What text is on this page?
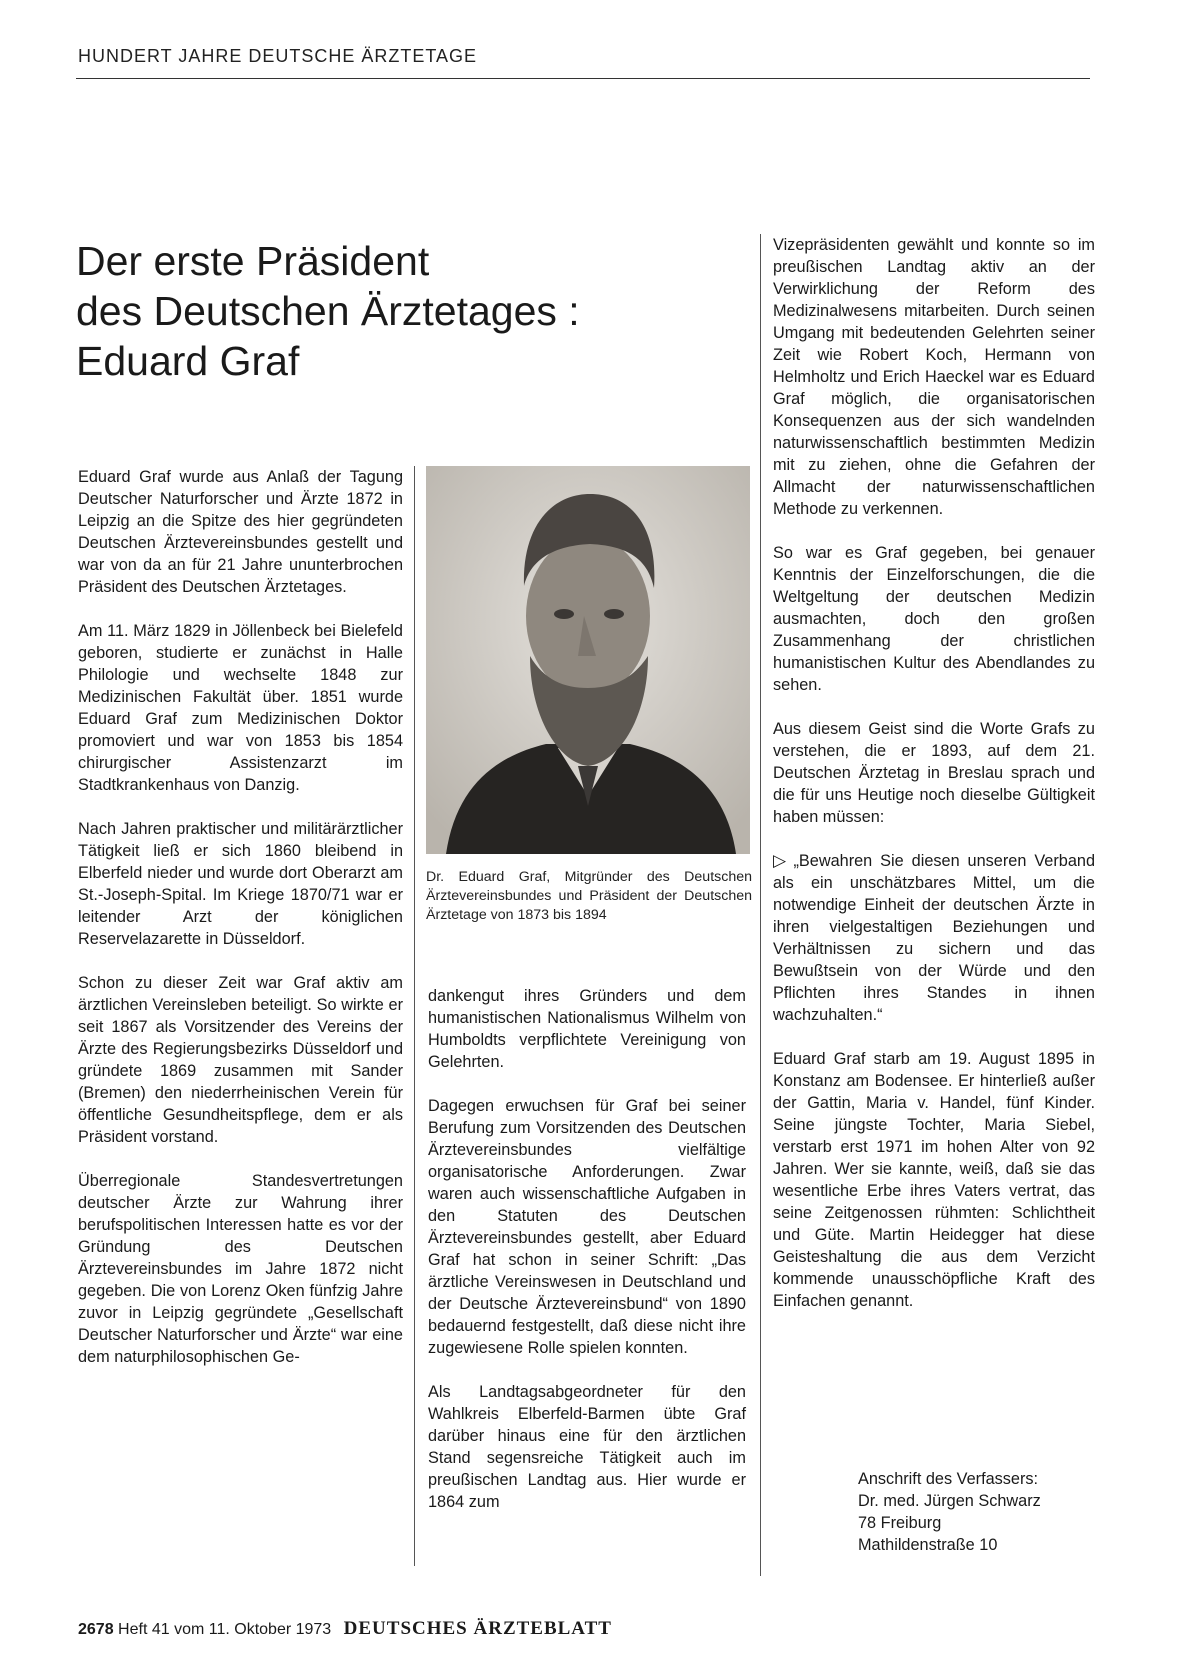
HUNDERT JAHRE DEUTSCHE ÄRZTETAGE
Der erste Präsident
des Deutschen Ärztetages :
Eduard Graf

Eduard Graf wurde aus Anlaß der Tagung Deutscher Naturforscher und Ärzte 1872 in Leipzig an die Spitze des hier gegründeten Deutschen Ärztevereinsbundes gestellt und war von da an für 21 Jahre ununterbrochen Präsident des Deutschen Ärztetages.

Am 11. März 1829 in Jöllenbeck bei Bielefeld geboren, studierte er zunächst in Halle Philologie und wechselte 1848 zur Medizinischen Fakultät über. 1851 wurde Eduard Graf zum Medizinischen Doktor promoviert und war von 1853 bis 1854 chirurgischer Assistenzarzt im Stadtkrankenhaus von Danzig.

Nach Jahren praktischer und militärärztlicher Tätigkeit ließ er sich 1860 bleibend in Elberfeld nieder und wurde dort Oberarzt am St.-Joseph-Spital. Im Kriege 1870/71 war er leitender Arzt der königlichen Reservelazarette in Düsseldorf.

Schon zu dieser Zeit war Graf aktiv am ärztlichen Vereinsleben beteiligt. So wirkte er seit 1867 als Vorsitzender des Vereins der Ärzte des Regierungsbezirks Düsseldorf und gründete 1869 zusammen mit Sander (Bremen) den niederrheinischen Verein für öffentliche Gesundheitspflege, dem er als Präsident vorstand.

Überregionale Standesvertretungen deutscher Ärzte zur Wahrung ihrer berufspolitischen Interessen hatte es vor der Gründung des Deutschen Ärztevereinsbundes im Jahre 1872 nicht gegeben. Die von Lorenz Oken fünfzig Jahre zuvor in Leipzig gegründete „Gesellschaft Deutscher Naturforscher und Ärzte“ war eine dem naturphilosophischen Ge-

Dr. Eduard Graf, Mitgründer des Deutschen Ärztevereinsbundes und Präsident der Deutschen Ärztetage von 1873 bis 1894

dankengut ihres Gründers und dem humanistischen Nationalismus Wilhelm von Humboldts verpflichtete Vereinigung von Gelehrten.

Dagegen erwuchsen für Graf bei seiner Berufung zum Vorsitzenden des Deutschen Ärztevereinsbundes vielfältige organisatorische Anforderungen. Zwar waren auch wissenschaftliche Aufgaben in den Statuten des Deutschen Ärztevereinsbundes gestellt, aber Eduard Graf hat schon in seiner Schrift: „Das ärztliche Vereinswesen in Deutschland und der Deutsche Ärztevereinsbund“ von 1890 bedauernd festgestellt, daß diese nicht ihre zugewiesene Rolle spielen konnten.

Als Landtagsabgeordneter für den Wahlkreis Elberfeld-Barmen übte Graf darüber hinaus eine für den ärztlichen Stand segensreiche Tätigkeit auch im preußischen Landtag aus. Hier wurde er 1864 zum

Vizepräsidenten gewählt und konnte so im preußischen Landtag aktiv an der Verwirklichung der Reform des Medizinalwesens mitarbeiten. Durch seinen Umgang mit bedeutenden Gelehrten seiner Zeit wie Robert Koch, Hermann von Helmholtz und Erich Haeckel war es Eduard Graf möglich, die organisatorischen Konsequenzen aus der sich wandelnden naturwissenschaftlich bestimmten Medizin mit zu ziehen, ohne die Gefahren der Allmacht der naturwissenschaftlichen Methode zu verkennen.

So war es Graf gegeben, bei genauer Kenntnis der Einzelforschungen, die die Weltgeltung der deutschen Medizin ausmachten, doch den großen Zusammenhang der christlichen humanistischen Kultur des Abendlandes zu sehen.

Aus diesem Geist sind die Worte Grafs zu verstehen, die er 1893, auf dem 21. Deutschen Ärztetag in Breslau sprach und die für uns Heutige noch dieselbe Gültigkeit haben müssen:

▷ „Bewahren Sie diesen unseren Verband als ein unschätzbares Mittel, um die notwendige Einheit der deutschen Ärzte in ihren vielgestaltigen Beziehungen und Verhältnissen zu sichern und das Bewußtsein von der Würde und den Pflichten ihres Standes in ihnen wachzuhalten.“

Eduard Graf starb am 19. August 1895 in Konstanz am Bodensee. Er hinterließ außer der Gattin, Maria v. Handel, fünf Kinder. Seine jüngste Tochter, Maria Siebel, verstarb erst 1971 im hohen Alter von 92 Jahren. Wer sie kannte, weiß, daß sie das wesentliche Erbe ihres Vaters vertrat, das seine Zeitgenossen rühmten: Schlichtheit und Güte. Martin Heidegger hat diese Geisteshaltung die aus dem Verzicht kommende unausschöpfliche Kraft des Einfachen genannt.

Anschrift des Verfassers:
Dr. med. Jürgen Schwarz
78 Freiburg
Mathildenstraße 10
2678 Heft 41 vom 11. Oktober 1973 DEUTSCHES ÄRZTEBLATT
